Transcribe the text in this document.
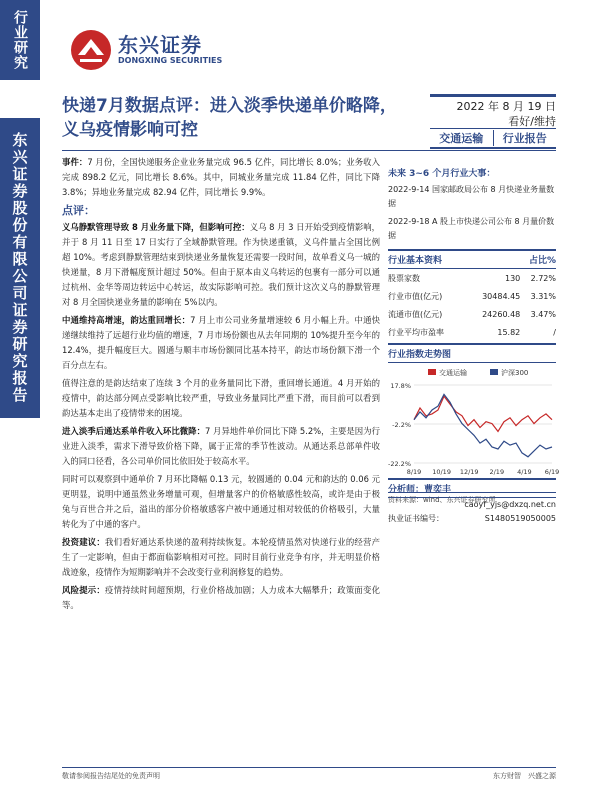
行业研究
东兴证券股份有限公司证券研究报告
东兴证券
DONGXING SECURITIES
快递7月数据点评：进入淡季快递单价略降，义乌疫情影响可控
2022 年 8 月 19 日
看好/维持
交通运输	行业报告

事件：7 月份，全国快递服务企业业务量完成 96.5 亿件，同比增长 8.0%；业务收入完成 898.2 亿元，同比增长 8.6%。其中，同城业务量完成 11.84 亿件，同比下降 3.8%；异地业务量完成 82.94 亿件，同比增长 9.9%。

点评：

义乌静默管理导致 8 月业务量下降，但影响可控：义乌 8 月 3 日开始受到疫情影响，并于 8 月 11 日至 17 日实行了全域静默管理。作为快递重镇，义乌件量占全国比例超 10%。考虑到静默管理结束到快递业务量恢复还需要一段时间，故单看义乌一城的快递量，8 月下滑幅度预计超过 50%。但由于原本由义乌转运的包裹有一部分可以通过杭州、金华等周边转运中心转运，故实际影响可控。我们预计这次义乌的静默管理对 8 月全国快递业务量的影响在 5%以内。

中通维持高增速，韵达重回增长：7 月上市公司业务量增速较 6 月小幅上升。中通快递继续维持了远超行业均值的增速，7 月市场份额也从去年同期的 10%提升至今年的 12.4%，提升幅度巨大。圆通与顺丰市场份额同比基本持平，韵达市场份额下滑一个百分点左右。

值得注意的是韵达结束了连续 3 个月的业务量同比下滑，重回增长通道。4 月开始的疫情中，韵达部分网点受影响比较严重，导致业务量同比严重下滑，而目前可以看到韵达基本走出了疫情带来的困境。

进入淡季后通达系单件收入环比微降：7 月异地件单价同比下降 5.2%，主要是因为行业进入淡季，需求下滑导致价格下降，属于正常的季节性波动。从通达系总部单件收入的同口径看，各公司单价同比依旧处于较高水平。

同时可以观察到中通单价 7 月环比降幅 0.13 元，较圆通的 0.04 元和韵达的 0.06 元更明显，说明中通虽然业务增量可观，但增量客户的价格敏感性较高，或许是由于极兔与百世合并之后，溢出的部分价格敏感客户被中通通过相对较低的价格吸引，大量转化为了中通的客户。

投资建议：我们看好通达系快递的盈利持续恢复。本轮疫情虽然对快递行业的经营产生了一定影响，但由于都面临影响相对可控。同时目前行业竞争有序，并无明显价格战迹象，疫情作为短期影响并不会改变行业利润修复的趋势。

风险提示：疫情持续时间超预期，行业价格战加剧；人力成本大幅攀升；政策面变化等。

未来 3~6 个月行业大事：
2022-9-14 国家邮政局公布 8 月快递业务量数据
2022-9-18 A 股上市快递公司公布 8 月量价数据
行业基本资料	占比%
股票家数	130	2.72%
行业市值(亿元)	30484.45	3.31%
流通市值(亿元)	24260.48	3.47%
行业平均市盈率	15.82	/
行业指数走势图
17.8%
-2.2%
-22.2%
8/19 10/19 12/19 2/19 4/19 6/19
交通运输	沪深300
资料来源：wind、东兴证券研究所
分析师：曹奕丰
caoyf_yjs@dxzq.net.cn
执业证书编号：	S1480519050005
敬请参阅报告结尾处的免责声明	东方财智　兴盛之源
